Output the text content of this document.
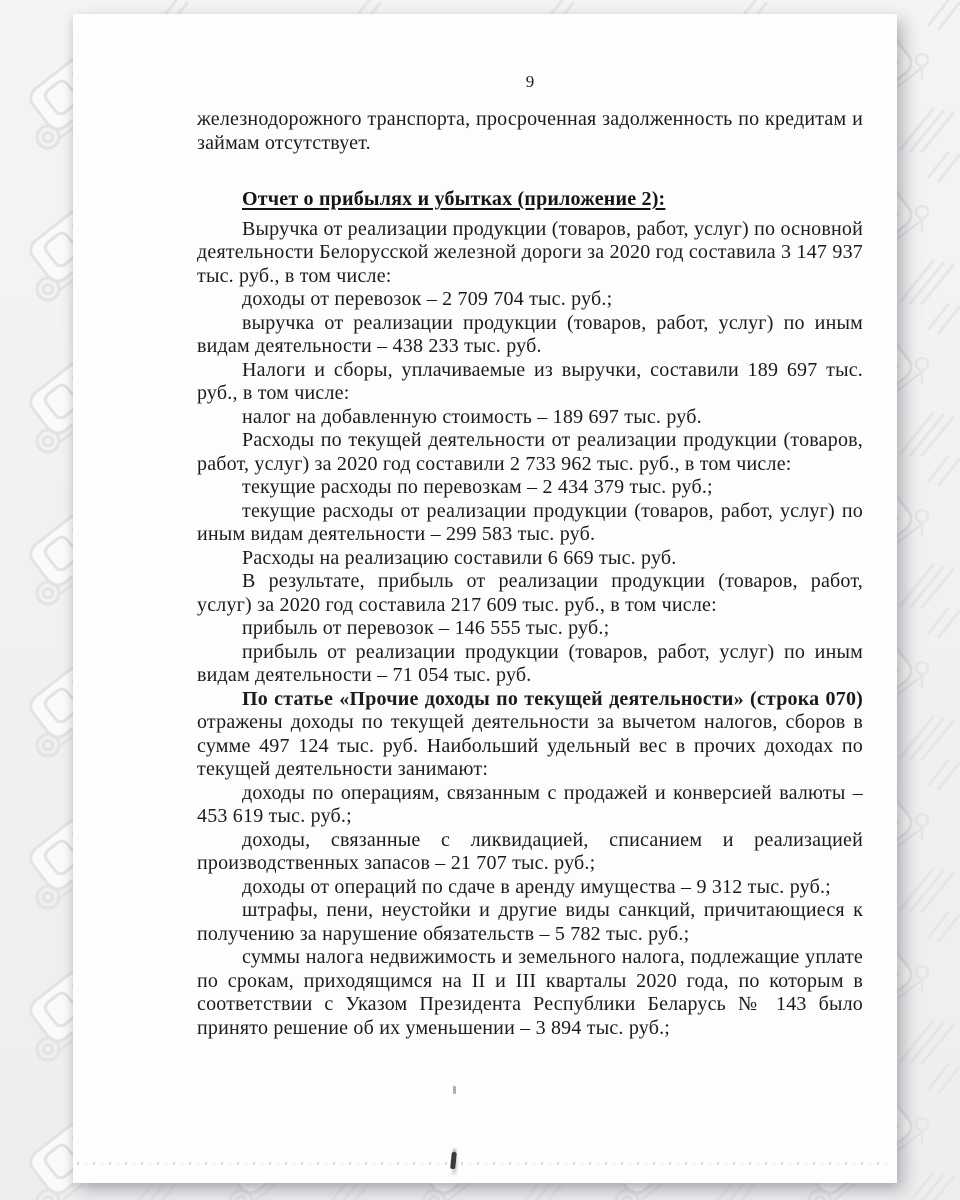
9

железнодорожного транспорта, просроченная задолженность по кредитам и займам отсутствует.

Отчет о прибылях и убытках (приложение 2):

Выручка от реализации продукции (товаров, работ, услуг) по основной деятельности Белорусской железной дороги за 2020 год составила 3 147 937 тыс. руб., в том числе:

доходы от перевозок – 2 709 704 тыс. руб.;

выручка от реализации продукции (товаров, работ, услуг) по иным видам деятельности – 438 233 тыс. руб.

Налоги и сборы, уплачиваемые из выручки, составили 189 697 тыс. руб., в том числе:

налог на добавленную стоимость – 189 697 тыс. руб.

Расходы по текущей деятельности от реализации продукции (товаров, работ, услуг) за 2020 год составили 2 733 962 тыс. руб., в том числе:

текущие расходы по перевозкам – 2 434 379 тыс. руб.;

текущие расходы от реализации продукции (товаров, работ, услуг) по иным видам деятельности – 299 583 тыс. руб.

Расходы на реализацию составили 6 669 тыс. руб.

В результате, прибыль от реализации продукции (товаров, работ, услуг) за 2020 год составила 217 609 тыс. руб., в том числе:

прибыль от перевозок – 146 555 тыс. руб.;

прибыль от реализации продукции (товаров, работ, услуг) по иным видам деятельности – 71 054 тыс. руб.

По статье «Прочие доходы по текущей деятельности» (строка 070) отражены доходы по текущей деятельности за вычетом налогов, сборов в сумме 497 124 тыс. руб. Наибольший удельный вес в прочих доходах по текущей деятельности занимают:

доходы по операциям, связанным с продажей и конверсией валюты – 453 619 тыс. руб.;

доходы, связанные с ликвидацией, списанием и реализацией производственных запасов – 21 707 тыс. руб.;

доходы от операций по сдаче в аренду имущества – 9 312 тыс. руб.;

штрафы, пени, неустойки и другие виды санкций, причитающиеся к получению за нарушение обязательств – 5 782 тыс. руб.;

суммы налога недвижимость и земельного налога, подлежащие уплате по срокам, приходящимся на II и III кварталы 2020 года, по которым в соответствии с Указом Президента Республики Беларусь № 143 было принято решение об их уменьшении – 3 894 тыс. руб.;
